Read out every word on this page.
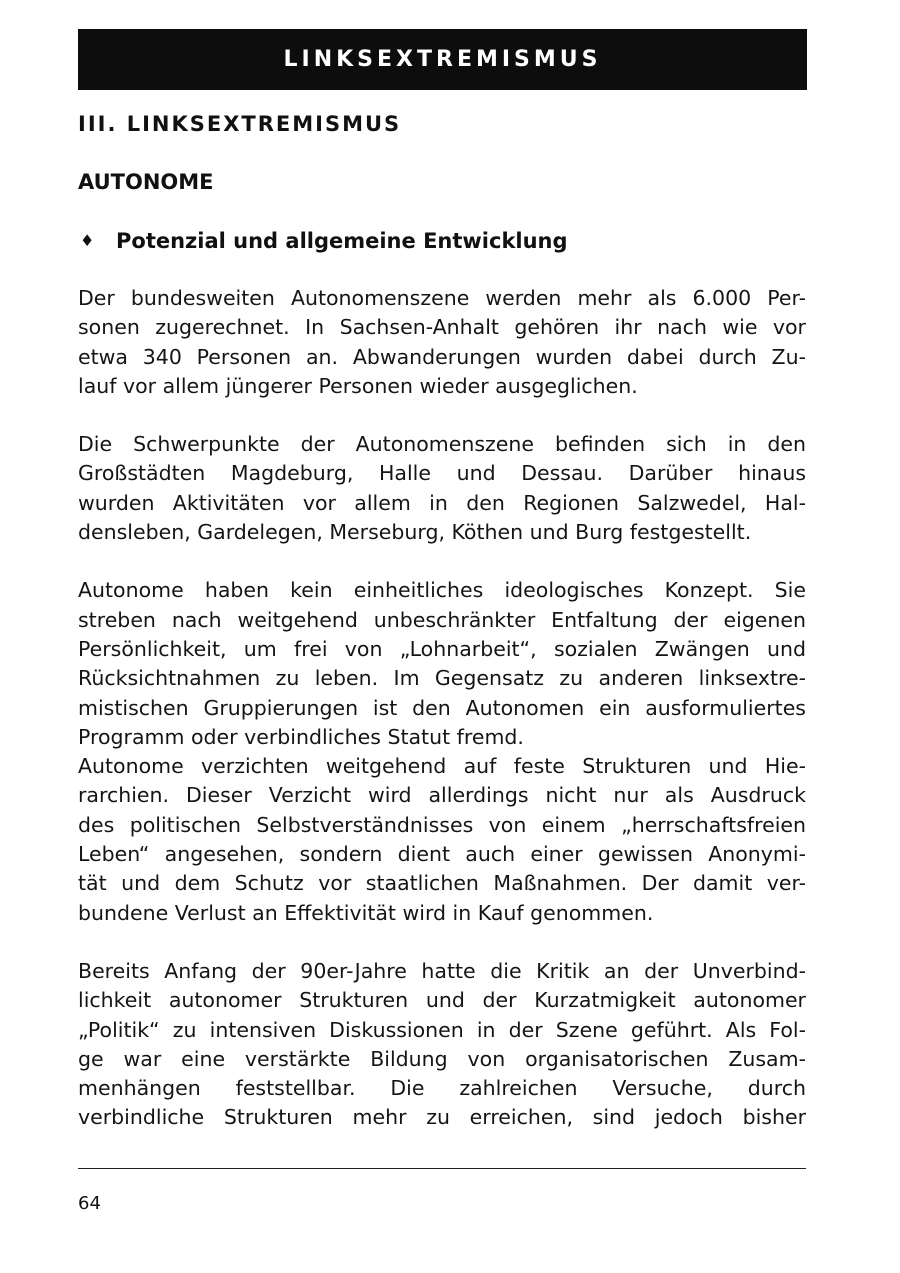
LINKSEXTREMISMUS
III. LINKSEXTREMISMUS
AUTONOME
♦ Potenzial und allgemeine Entwicklung

Der bundesweiten Autonomenszene werden mehr als 6.000 Per-
sonen zugerechnet. In Sachsen-Anhalt gehören ihr nach wie vor
etwa 340 Personen an. Abwanderungen wurden dabei durch Zu-
lauf vor allem jüngerer Personen wieder ausgeglichen.

Die Schwerpunkte der Autonomenszene befinden sich in den
Großstädten Magdeburg, Halle und Dessau. Darüber hinaus
wurden Aktivitäten vor allem in den Regionen Salzwedel, Hal-
densleben, Gardelegen, Merseburg, Köthen und Burg festgestellt.

Autonome haben kein einheitliches ideologisches Konzept. Sie
streben nach weitgehend unbeschränkter Entfaltung der eigenen
Persönlichkeit, um frei von „Lohnarbeit“, sozialen Zwängen und
Rücksichtnahmen zu leben. Im Gegensatz zu anderen linksextre-
mistischen Gruppierungen ist den Autonomen ein ausformuliertes
Programm oder verbindliches Statut fremd.

Autonome verzichten weitgehend auf feste Strukturen und Hie-
rarchien. Dieser Verzicht wird allerdings nicht nur als Ausdruck
des politischen Selbstverständnisses von einem „herrschaftsfreien
Leben“ angesehen, sondern dient auch einer gewissen Anonymi-
tät und dem Schutz vor staatlichen Maßnahmen. Der damit ver-
bundene Verlust an Effektivität wird in Kauf genommen.

Bereits Anfang der 90er-Jahre hatte die Kritik an der Unverbind-
lichkeit autonomer Strukturen und der Kurzatmigkeit autonomer
„Politik“ zu intensiven Diskussionen in der Szene geführt. Als Fol-
ge war eine verstärkte Bildung von organisatorischen Zusam-
menhängen feststellbar. Die zahlreichen Versuche, durch
verbindliche Strukturen mehr zu erreichen, sind jedoch bisher

64
